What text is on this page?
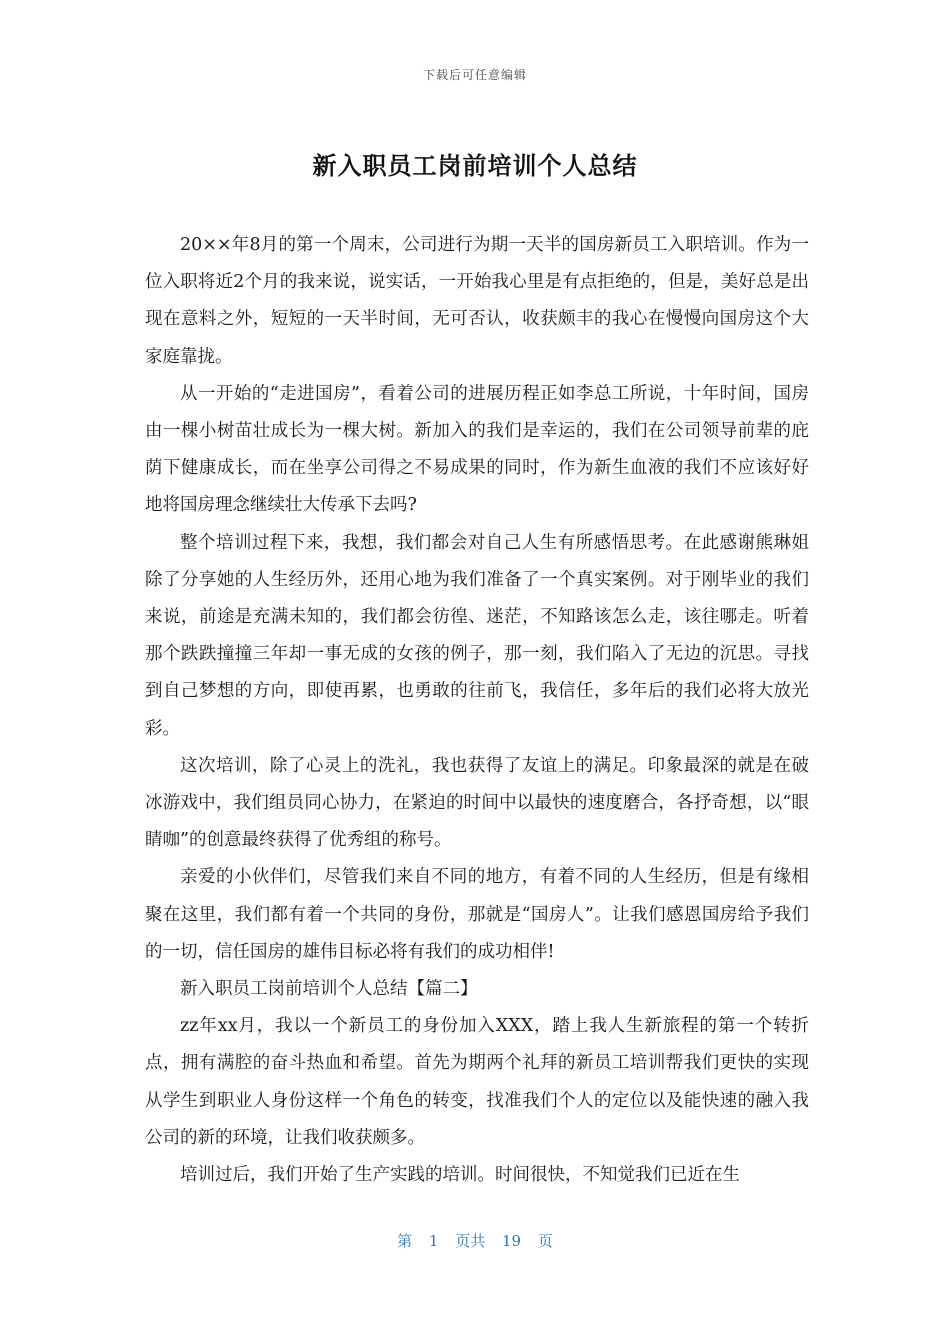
下载后可任意编辑
新入职员工岗前培训个人总结

20××年8月的第一个周末，公司进行为期一天半的国房新员工入职培训。作为一位入职将近2个月的我来说，说实话，一开始我心里是有点拒绝的，但是，美好总是出现在意料之外，短短的一天半时间，无可否认，收获颇丰的我心在慢慢向国房这个大家庭靠拢。

从一开始的“走进国房”，看着公司的进展历程正如李总工所说，十年时间，国房由一棵小树苗壮成长为一棵大树。新加入的我们是幸运的，我们在公司领导前辈的庇荫下健康成长，而在坐享公司得之不易成果的同时，作为新生血液的我们不应该好好地将国房理念继续壮大传承下去吗?

整个培训过程下来，我想，我们都会对自己人生有所感悟思考。在此感谢熊琳姐除了分享她的人生经历外，还用心地为我们准备了一个真实案例。对于刚毕业的我们来说，前途是充满未知的，我们都会彷徨、迷茫，不知路该怎么走，该往哪走。听着那个跌跌撞撞三年却一事无成的女孩的例子，那一刻，我们陷入了无边的沉思。寻找到自己梦想的方向，即使再累，也勇敢的往前飞，我信任，多年后的我们必将大放光彩。

这次培训，除了心灵上的洗礼，我也获得了友谊上的满足。印象最深的就是在破冰游戏中，我们组员同心协力，在紧迫的时间中以最快的速度磨合，各抒奇想，以“眼睛咖”的创意最终获得了优秀组的称号。

亲爱的小伙伴们，尽管我们来自不同的地方，有着不同的人生经历，但是有缘相聚在这里，我们都有着一个共同的身份，那就是“国房人”。让我们感恩国房给予我们的一切，信任国房的雄伟目标必将有我们的成功相伴!

新入职员工岗前培训个人总结【篇二】

zz年xx月，我以一个新员工的身份加入XXX，踏上我人生新旅程的第一个转折点，拥有满腔的奋斗热血和希望。首先为期两个礼拜的新员工培训帮我们更快的实现从学生到职业人身份这样一个角色的转变，找准我们个人的定位以及能快速的融入我公司的新的环境，让我们收获颇多。

培训过后，我们开始了生产实践的培训。时间很快，不知觉我们已近在生

第 1 页共 19 页
